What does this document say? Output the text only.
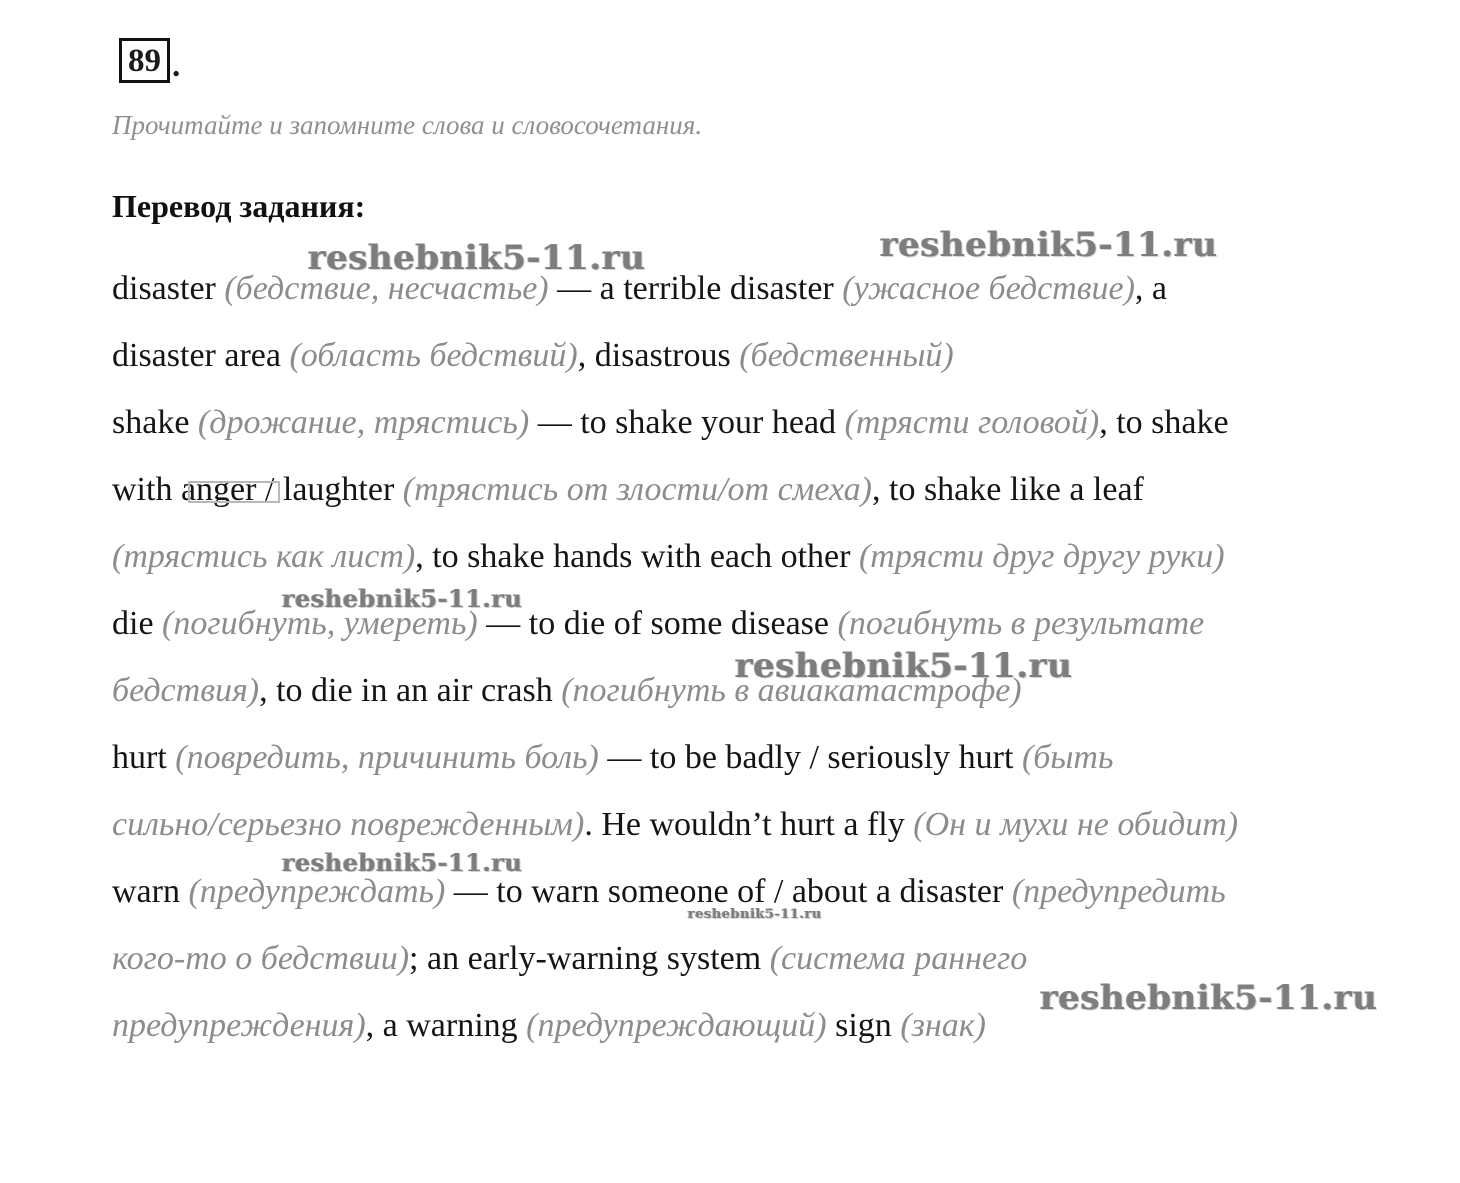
89 .
Прочитайте и запомните слова и словосочетания.
Перевод задания:
disaster (бедствие, несчастье) — a terrible disaster (ужасное бедствие), a
disaster area (область бедствий), disastrous (бедственный)
shake (дрожание, трястись) — to shake your head (трясти головой), to shake
with anger / laughter (трястись от злости/от смеха), to shake like a leaf
(трястись как лист), to shake hands with each other (трясти друг другу руки)
die (погибнуть, умереть) — to die of some disease (погибнуть в результате
бедствия), to die in an air crash (погибнуть в авиакатастрофе)
hurt (повредить, причинить боль) — to be badly / seriously hurt (быть
сильно/серьезно поврежденным). He wouldn’t hurt a fly (Он и мухи не обидит)
warn (предупреждать) — to warn someone of / about a disaster (предупредить
кого-то о бедствии); an early-warning system (система раннего
предупреждения), a warning (предупреждающий) sign (знак)
reshebnik5-11.ru	reshebnik5-11.ru
reshebnik5-11.ru
reshebnik5-11.ru
reshebnik5-11.ru
reshebnik5-11.ru
reshebnik5-11.ru
